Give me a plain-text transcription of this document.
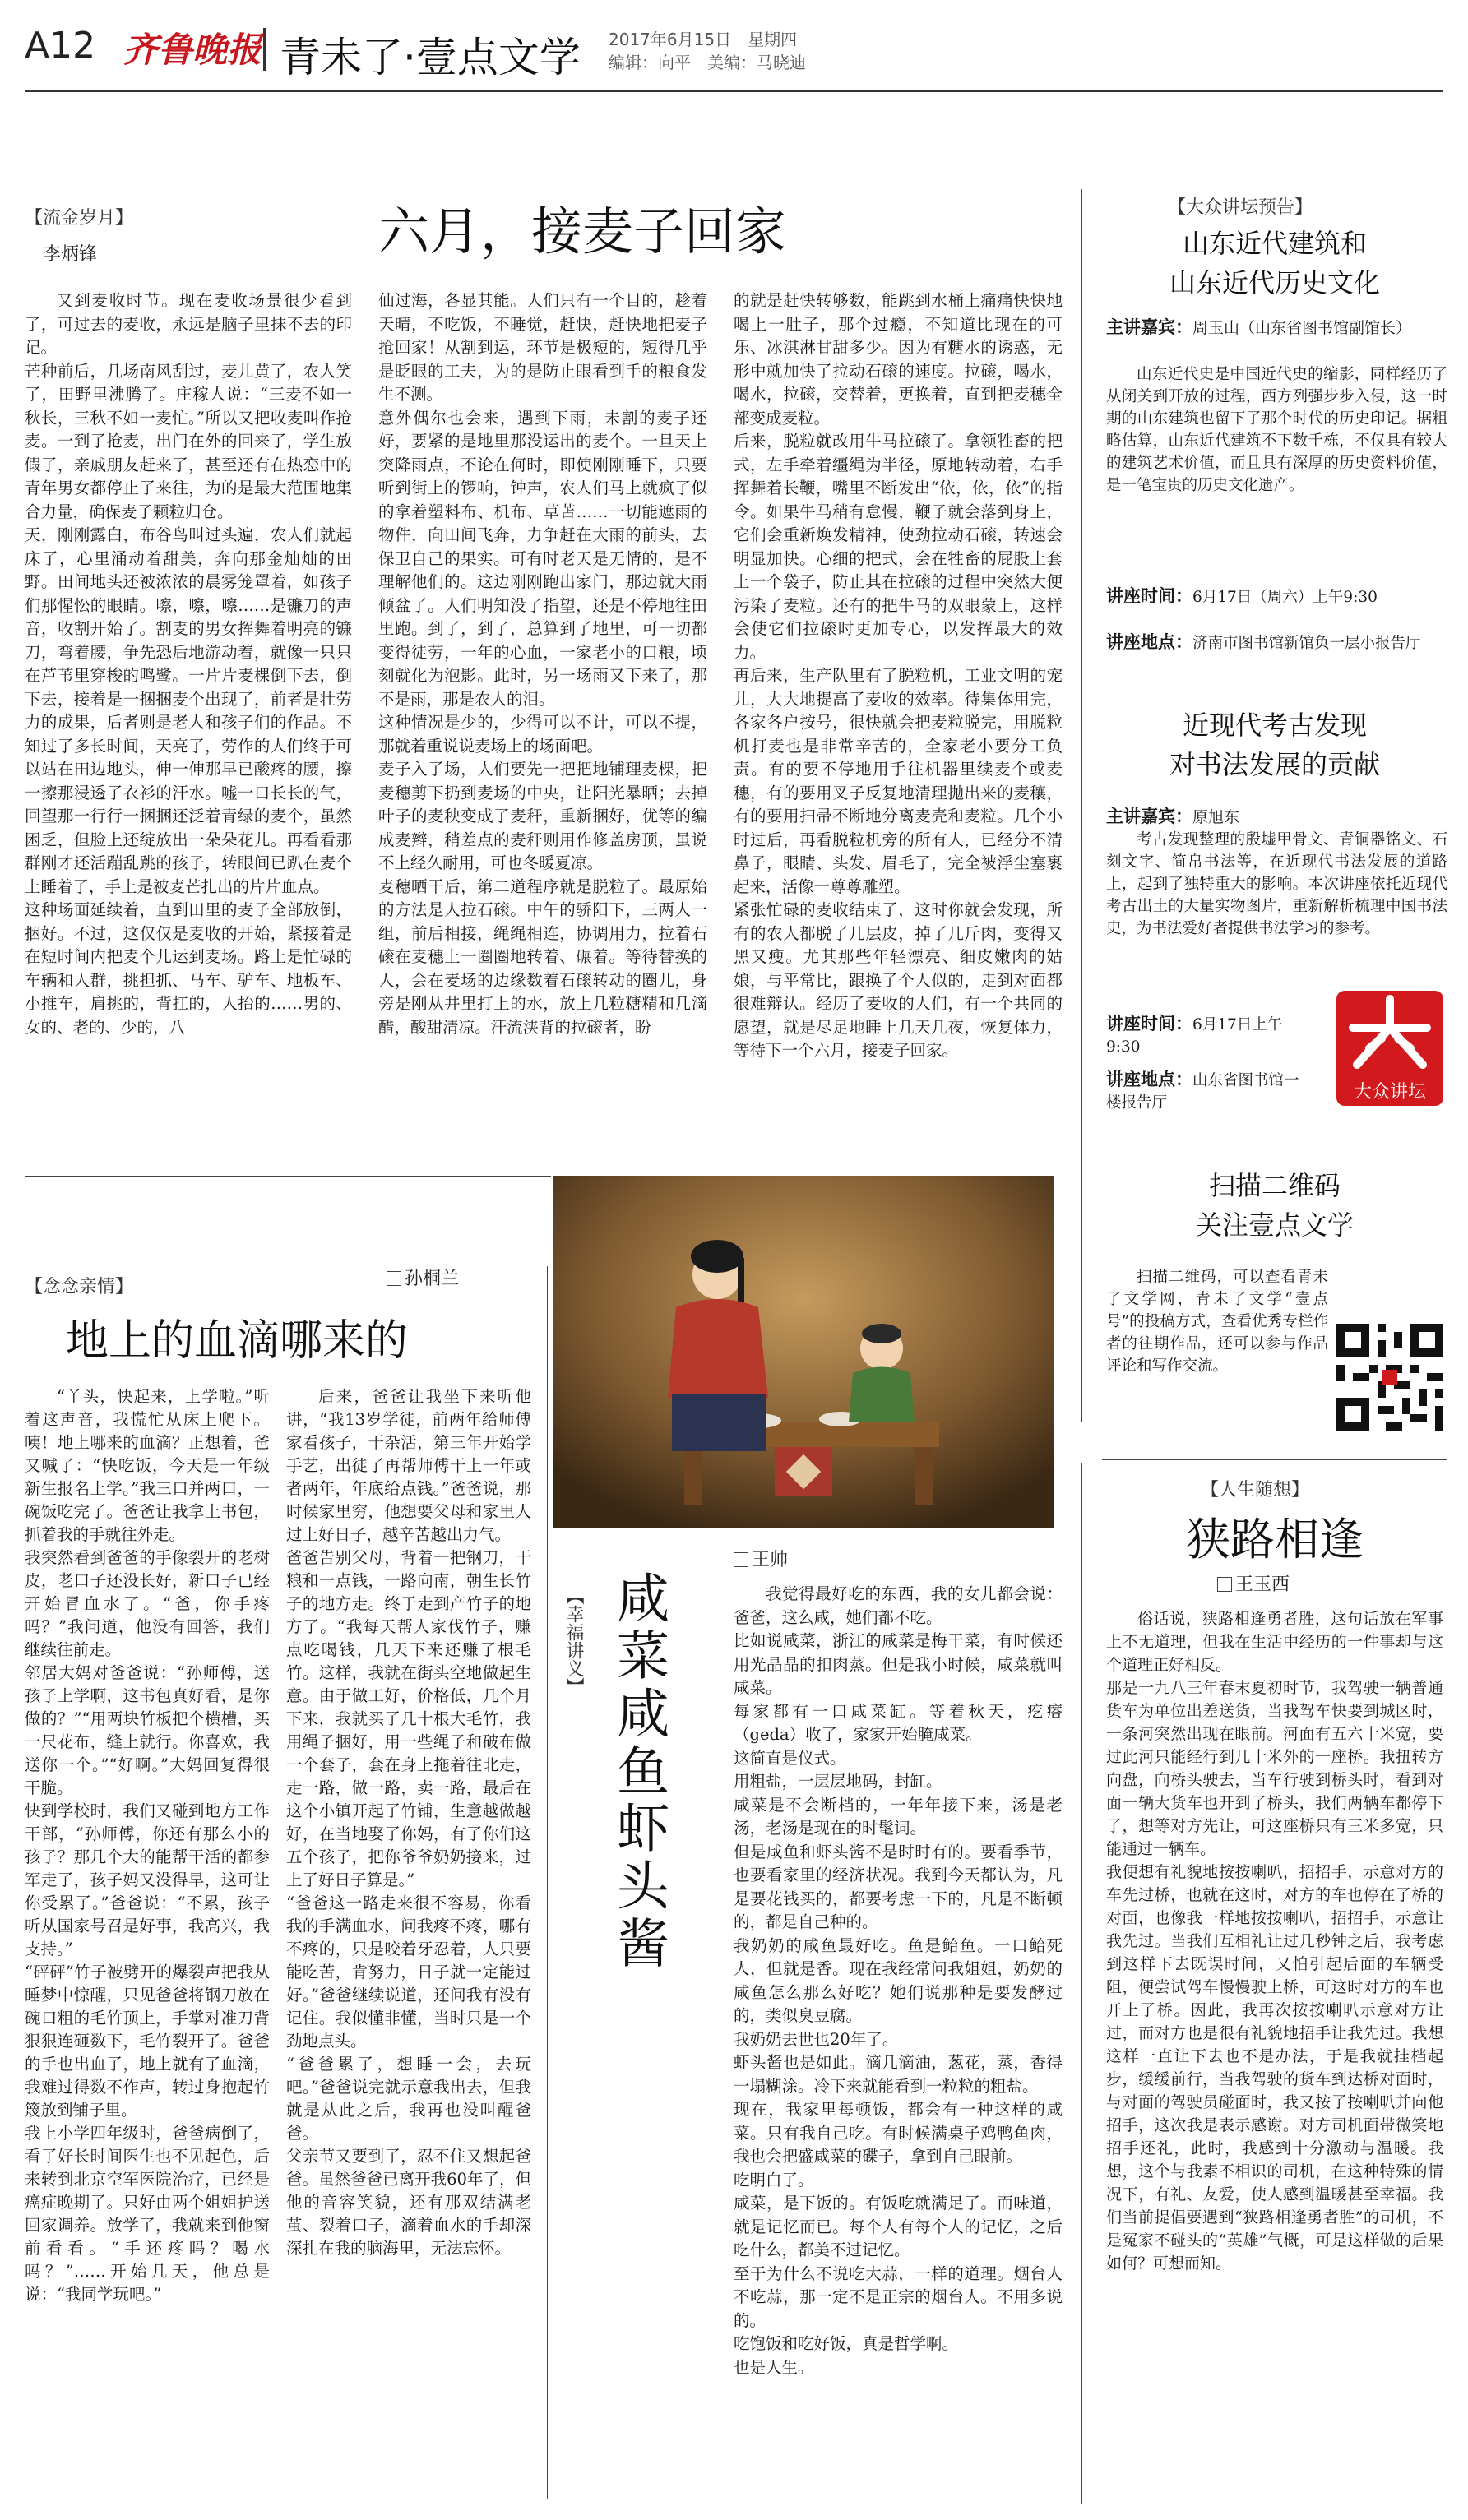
A12 齐鲁晚报 青未了·壹点文学 2017年6月15日　星期四
编辑：向平　美编：马晓迪
【流金岁月】
李炳锋	六月，接麦子回家
又到麦收时节。现在麦收场景很少看到了，可过去的麦收，永远是脑子里抹不去的印记。
芒种前后，几场南风刮过，麦儿黄了，农人笑了，田野里沸腾了。庄稼人说：“三麦不如一秋长，三秋不如一麦忙。”所以又把收麦叫作抢麦。一到了抢麦，出门在外的回来了，学生放假了，亲戚朋友赶来了，甚至还有在热恋中的青年男女都停止了来往，为的是最大范围地集合力量，确保麦子颗粒归仓。
天，刚刚露白，布谷鸟叫过头遍，农人们就起床了，心里涌动着甜美，奔向那金灿灿的田野。田间地头还被浓浓的晨雾笼罩着，如孩子们那惺忪的眼睛。嚓，嚓，嚓……是镰刀的声音，收割开始了。割麦的男女挥舞着明亮的镰刀，弯着腰，争先恐后地游动着，就像一只只在芦苇里穿梭的鸣鹭。一片片麦棵倒下去，倒下去，接着是一捆捆麦个出现了，前者是壮劳力的成果，后者则是老人和孩子们的作品。不知过了多长时间，天亮了，劳作的人们终于可以站在田边地头，伸一伸那早已酸疼的腰，擦一擦那浸透了衣衫的汗水。嘘一口长长的气，回望那一行行一捆捆还泛着青绿的麦个，虽然困乏，但脸上还绽放出一朵朵花儿。再看看那群刚才还活蹦乱跳的孩子，转眼间已趴在麦个上睡着了，手上是被麦芒扎出的片片血点。
这种场面延续着，直到田里的麦子全部放倒，捆好。不过，这仅仅是麦收的开始，紧接着是在短时间内把麦个儿运到麦场。路上是忙碌的车辆和人群，挑担抓、马车、驴车、地板车、小推车，肩挑的，背扛的，人抬的……男的、女的、老的、少的，八
仙过海，各显其能。人们只有一个目的，趁着天晴，不吃饭，不睡觉，赶快，赶快地把麦子抢回家！从割到运，环节是极短的，短得几乎是眨眼的工夫，为的是防止眼看到手的粮食发生不测。
意外偶尔也会来，遇到下雨，未割的麦子还好，要紧的是地里那没运出的麦个。一旦天上突降雨点，不论在何时，即使刚刚睡下，只要听到街上的锣响，钟声，农人们马上就疯了似的拿着塑料布、机布、草苫……一切能遮雨的物件，向田间飞奔，力争赶在大雨的前头，去保卫自己的果实。可有时老天是无情的，是不理解他们的。这边刚刚跑出家门，那边就大雨倾盆了。人们明知没了指望，还是不停地往田里跑。到了，到了，总算到了地里，可一切都变得徒劳，一年的心血，一家老小的口粮，顷刻就化为泡影。此时，另一场雨又下来了，那不是雨，那是农人的泪。
这种情况是少的，少得可以不计，可以不提，那就着重说说麦场上的场面吧。
麦子入了场，人们要先一把把地铺理麦棵，把麦穗剪下扔到麦场的中央，让阳光暴晒；去掉叶子的麦秧变成了麦秆，重新捆好，优等的编成麦辫，稍差点的麦秆则用作修盖房顶，虽说不上经久耐用，可也冬暖夏凉。
麦穗晒干后，第二道程序就是脱粒了。最原始的方法是人拉石磙。中午的骄阳下，三两人一组，前后相接，绳绳相连，协调用力，拉着石磙在麦穗上一圈圈地转着、碾着。等待替换的人，会在麦场的边缘数着石磙转动的圈儿，身旁是刚从井里打上的水，放上几粒糖精和几滴醋，酸甜清凉。汗流浃背的拉磙者，盼
的就是赶快转够数，能跳到水桶上痛痛快快地喝上一肚子，那个过瘾，不知道比现在的可乐、冰淇淋甘甜多少。因为有糖水的诱惑，无形中就加快了拉动石磙的速度。拉磙，喝水，喝水，拉磙，交替着，更换着，直到把麦穗全部变成麦粒。
后来，脱粒就改用牛马拉磙了。拿领牲畜的把式，左手牵着缰绳为半径，原地转动着，右手挥舞着长鞭，嘴里不断发出“依，依，依”的指令。如果牛马稍有怠慢，鞭子就会落到身上，它们会重新焕发精神，使劲拉动石磙，转速会明显加快。心细的把式，会在牲畜的屁股上套上一个袋子，防止其在拉磙的过程中突然大便污染了麦粒。还有的把牛马的双眼蒙上，这样会使它们拉磙时更加专心，以发挥最大的效力。
再后来，生产队里有了脱粒机，工业文明的宠儿，大大地提高了麦收的效率。待集体用完，各家各户按号，很快就会把麦粒脱完，用脱粒机打麦也是非常辛苦的，全家老小要分工负责。有的要不停地用手往机器里续麦个或麦穗，有的要用叉子反复地清理抛出来的麦穰，有的要用扫帚不断地分离麦壳和麦粒。几个小时过后，再看脱粒机旁的所有人，已经分不清鼻子，眼睛、头发、眉毛了，完全被浮尘塞裹起来，活像一尊尊雕塑。
紧张忙碌的麦收结束了，这时你就会发现，所有的农人都脱了几层皮，掉了几斤肉，变得又黑又瘦。尤其那些年轻漂亮、细皮嫩肉的姑娘，与平常比，跟换了个人似的，走到对面都很难辩认。经历了麦收的人们，有一个共同的愿望，就是尽足地睡上几天几夜，恢复体力，等待下一个六月，接麦子回家。
【大众讲坛预告】
山东近代建筑和
山东近代历史文化
主讲嘉宾：周玉山（山东省图书馆副馆长）
山东近代史是中国近代史的缩影，同样经历了从闭关到开放的过程，西方列强步步入侵，这一时期的山东建筑也留下了那个时代的历史印记。据粗略估算，山东近代建筑不下数千栋，不仅具有较大的建筑艺术价值，而且具有深厚的历史资料价值，是一笔宝贵的历史文化遗产。
讲座时间：6月17日（周六）上午9:30
讲座地点：济南市图书馆新馆负一层小报告厅
近现代考古发现
对书法发展的贡献
主讲嘉宾：原旭东
考古发现整理的殷墟甲骨文、青铜器铭文、石刻文字、简帛书法等，在近现代书法发展的道路上，起到了独特重大的影响。本次讲座依托近现代考古出土的大量实物图片，重新解析梳理中国书法史，为书法爱好者提供书法学习的参考。
讲座时间：6月17日上午9:30
讲座地点：山东省图书馆一楼报告厅
大众讲坛
扫描二维码
关注壹点文学
扫描二维码，可以查看青未了文学网，青未了文学“壹点号”的投稿方式，查看优秀专栏作者的往期作品，还可以参与作品评论和写作交流。
【人生随想】
狭路相逢
王玉西
俗话说，狭路相逢勇者胜，这句话放在军事上不无道理，但我在生活中经历的一件事却与这个道理正好相反。
那是一九八三年春末夏初时节，我驾驶一辆普通货车为单位出差送货，当我驾车快要到城区时，一条河突然出现在眼前。河面有五六十米宽，要过此河只能经行到几十米外的一座桥。我扭转方向盘，向桥头驶去，当车行驶到桥头时，看到对面一辆大货车也开到了桥头，我们两辆车都停下了，想等对方先让，可这座桥只有三米多宽，只能通过一辆车。
我便想有礼貌地按按喇叭，招招手，示意对方的车先过桥，也就在这时，对方的车也停在了桥的对面，也像我一样地按按喇叭，招招手，示意让我先过。当我们互相礼让过几秒钟之后，我考虑到这样下去既误时间，又怕引起后面的车辆受阻，便尝试驾车慢慢驶上桥，可这时对方的车也开上了桥。因此，我再次按按喇叭示意对方让过，而对方也是很有礼貌地招手让我先过。我想这样一直让下去也不是办法，于是我就挂档起步，缓缓前行，当我驾驶的货车到达桥对面时，与对面的驾驶员碰面时，我又按了按喇叭并向他招手，这次我是表示感谢。对方司机面带微笑地招手还礼，此时，我感到十分激动与温暖。我想，这个与我素不相识的司机，在这种特殊的情况下，有礼、友爱，使人感到温暖甚至幸福。我们当前提倡要遇到“狭路相逢勇者胜”的司机，不是冤家不碰头的“英雄”气概，可是这样做的后果如何？可想而知。
【念念亲情】	孙桐兰
地上的血滴哪来的
“丫头，快起来，上学啦。”听着这声音，我慌忙从床上爬下。咦！地上哪来的血滴？正想着，爸又喊了：“快吃饭，今天是一年级新生报名上学。”我三口并两口，一碗饭吃完了。爸爸让我拿上书包，抓着我的手就往外走。
我突然看到爸爸的手像裂开的老树皮，老口子还没长好，新口子已经开始冒血水了。“爸，你手疼吗？”我问道，他没有回答，我们继续往前走。
邻居大妈对爸爸说：“孙师傅，送孩子上学啊，这书包真好看，是你做的？”“用两块竹板把个横槽，买一尺花布，缝上就行。你喜欢，我送你一个。”“好啊。”大妈回复得很干脆。
快到学校时，我们又碰到地方工作干部，“孙师傅，你还有那么小的孩子？那几个大的能帮干活的都参军走了，孩子妈又没得早，这可让你受累了。”爸爸说：“不累，孩子听从国家号召是好事，我高兴，我支持。”
“砰砰”竹子被劈开的爆裂声把我从睡梦中惊醒，只见爸爸将钢刀放在碗口粗的毛竹顶上，手掌对准刀背狠狠连砸数下，毛竹裂开了。爸爸的手也出血了，地上就有了血滴，我难过得数不作声，转过身抱起竹篾放到铺子里。
我上小学四年级时，爸爸病倒了，看了好长时间医生也不见起色，后来转到北京空军医院治疗，已经是癌症晚期了。只好由两个姐姐护送回家调养。放学了，我就来到他窗前看看。“手还疼吗？喝水吗？”……开始几天，他总是说：“我同学玩吧。”
后来，爸爸让我坐下来听他讲，“我13岁学徒，前两年给师傅家看孩子，干杂活，第三年开始学手艺，出徒了再帮师傅干上一年或者两年，年底给点钱。”爸爸说，那时候家里穷，他想要父母和家里人过上好日子，越辛苦越出力气。
爸爸告别父母，背着一把钢刀，干粮和一点钱，一路向南，朝生长竹子的地方走。终于走到产竹子的地方了。“我每天帮人家伐竹子，赚点吃喝钱，几天下来还赚了根毛竹。这样，我就在街头空地做起生意。由于做工好，价格低，几个月下来，我就买了几十根大毛竹，我用绳子捆好，用一些绳子和破布做一个套子，套在身上拖着往北走，走一路，做一路，卖一路，最后在这个小镇开起了竹铺，生意越做越好，在当地娶了你妈，有了你们这五个孩子，把你爷爷奶奶接来，过上了好日子算是。”
“爸爸这一路走来很不容易，你看我的手满血水，问我疼不疼，哪有不疼的，只是咬着牙忍着，人只要能吃苦，肯努力，日子就一定能过好。”爸爸继续说道，还问我有没有记住。我似懂非懂，当时只是一个劲地点头。
“爸爸累了，想睡一会，去玩吧。”爸爸说完就示意我出去，但我就是从此之后，我再也没叫醒爸爸。
父亲节又要到了，忍不住又想起爸爸。虽然爸爸已离开我60年了，但他的音容笑貌，还有那双结满老茧、裂着口子，滴着血水的手却深深扎在我的脑海里，无法忘怀。
王帅
【幸福讲义】 咸菜咸鱼虾头酱	我觉得最好吃的东西，我的女儿都会说：爸爸，这么咸，她们都不吃。
比如说咸菜，浙江的咸菜是梅干菜，有时候还用光晶晶的扣肉蒸。但是我小时候，咸菜就叫咸菜。
每家都有一口咸菜缸。等着秋天，疙瘩（geda）收了，家家开始腌咸菜。
这简直是仪式。
用粗盐，一层层地码，封缸。
咸菜是不会断档的，一年年接下来，汤是老汤，老汤是现在的时髦词。
但是咸鱼和虾头酱不是时时有的。要看季节，也要看家里的经济状况。我到今天都认为，凡是要花钱买的，都要考虑一下的，凡是不断顿的，都是自己种的。
我奶奶的咸鱼最好吃。鱼是鲐鱼。一口鲐死人，但就是香。现在我经常问我姐姐，奶奶的咸鱼怎么那么好吃？她们说那种是要发酵过的，类似臭豆腐。
我奶奶去世也20年了。
虾头酱也是如此。滴几滴油，葱花，蒸，香得一塌糊涂。冷下来就能看到一粒粒的粗盐。
现在，我家里每顿饭，都会有一种这样的咸菜。只有我自己吃。有时候满桌子鸡鸭鱼肉，我也会把盛咸菜的碟子，拿到自己眼前。
吃明白了。
咸菜，是下饭的。有饭吃就满足了。而味道，就是记忆而已。每个人有每个人的记忆，之后吃什么，都美不过记忆。
至于为什么不说吃大蒜，一样的道理。烟台人不吃蒜，那一定不是正宗的烟台人。不用多说的。
吃饱饭和吃好饭，真是哲学啊。
也是人生。
